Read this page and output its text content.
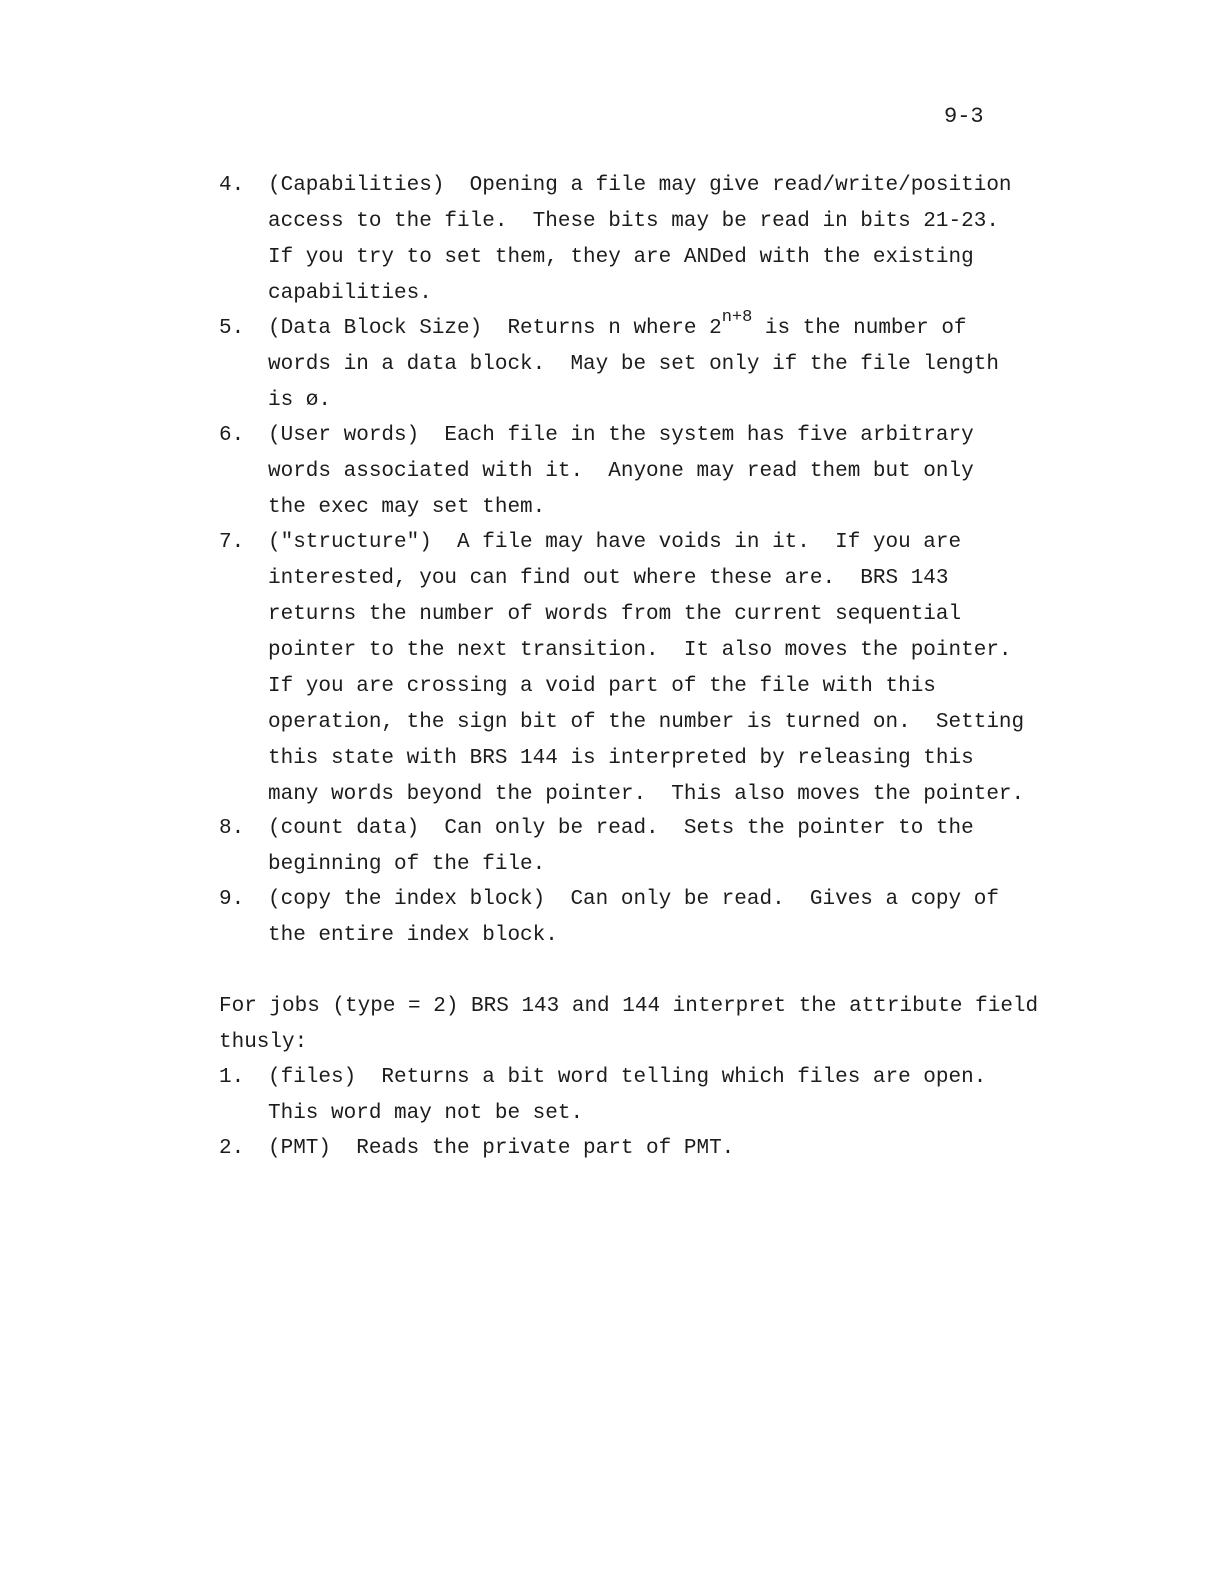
9-3
4. (Capabilities)  Opening a file may give read/write/position
access to the file.  These bits may be read in bits 21-23.
If you try to set them, they are ANDed with the existing
capabilities.
5. (Data Block Size)  Returns n where $2^{n+8}$ is the number of
words in a data block.  May be set only if the file length
is ø.
6. (User words)  Each file in the system has five arbitrary
words associated with it.  Anyone may read them but only
the exec may set them.
7. ("structure")  A file may have voids in it.  If you are
interested, you can find out where these are.  BRS 143
returns the number of words from the current sequential
pointer to the next transition.  It also moves the pointer.
If you are crossing a void part of the file with this
operation, the sign bit of the number is turned on.  Setting
this state with BRS 144 is interpreted by releasing this
many words beyond the pointer.  This also moves the pointer.
8. (count data)  Can only be read.  Sets the pointer to the
beginning of the file.
9. (copy the index block)  Can only be read.  Gives a copy of
the entire index block.
For jobs (type = 2) BRS 143 and 144 interpret the attribute field
thusly:
1. (files)  Returns a bit word telling which files are open.
This word may not be set.
2. (PMT)  Reads the private part of PMT.
